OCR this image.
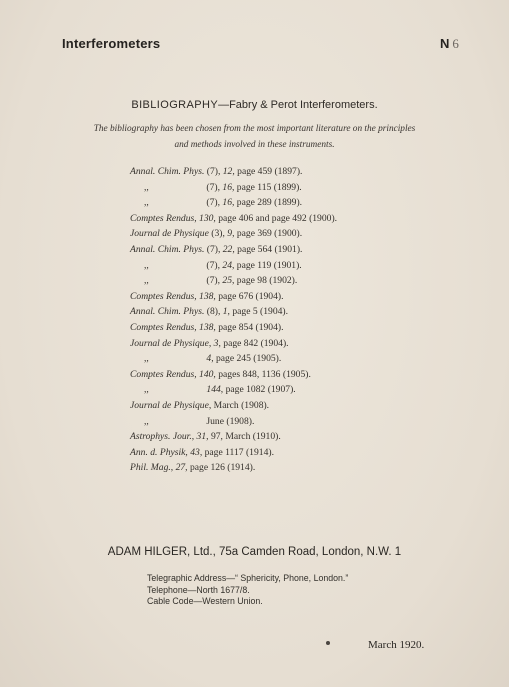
Interferometers	N 6
BIBLIOGRAPHY—Fabry & Perot Interferometers.
The bibliography has been chosen from the most important literature on the principles
and methods involved in these instruments.
Annal. Chim. Phys. (7), 12, page 459 (1897).
,,	(7), 16, page 115 (1899).
,,	(7), 16, page 289 (1899).
Comptes Rendus, 130, page 406 and page 492 (1900).
Journal de Physique (3), 9, page 369 (1900).
Annal. Chim. Phys. (7), 22, page 564 (1901).
,,	(7), 24, page 119 (1901).
,,	(7), 25, page 98 (1902).
Comptes Rendus, 138, page 676 (1904).
Annal. Chim. Phys. (8), 1, page 5 (1904).
Comptes Rendus, 138, page 854 (1904).
Journal de Physique, 3, page 842 (1904).
,,	4, page 245 (1905).
Comptes Rendus, 140, pages 848, 1136 (1905).
,,	144, page 1082 (1907).
Journal de Physique, March (1908).
,,	June (1908).
Astrophys. Jour., 31, 97, March (1910).
Ann. d. Physik, 43, page 1117 (1914).
Phil. Mag., 27, page 126 (1914).
ADAM HILGER, Ltd., 75a Camden Road, London, N.W. 1
Telegraphic Address—“ Sphericity, Phone, London.”
Telephone—North 1677/8.
Cable Code—Western Union.
March 1920.
